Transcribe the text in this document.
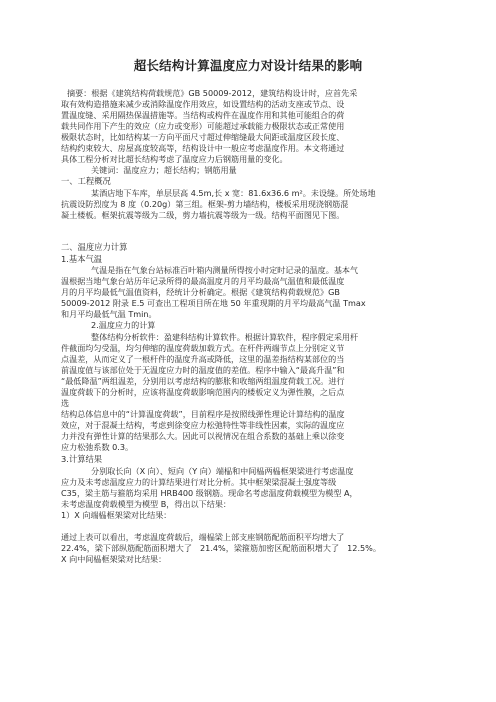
超长结构计算温度应力对设计结果的影响
摘要：根据《建筑结构荷载规范》GB 50009-2012，建筑结构设计时，应首先采
取有效构造措施来减少或消除温度作用效应，如设置结构的活动支座或节点、设
置温度缝、采用隔热保温措施等。当结构或构件在温度作用和其他可能组合的荷
载共同作用下产生的效应（应力或变形）可能超过承载能力极限状态或正常使用
极限状态时，比如结构某一方向平面尺寸超过伸缩缝最大间距或温度区段长度、
结构约束较大、房屋高度较高等，结构设计中一般应考虑温度作用。本文将通过
具体工程分析对比超长结构考虑了温度应力后钢筋用量的变化。
关键词：温度应力；超长结构；钢筋用量
一、工程概况
某酒店地下车库，单层层高 4.5m,长 x 宽：81.6x36.6 m²。未设缝。所处场地
抗震设防烈度为 8 度（0.20g）第三组。框架-剪力墙结构，楼板采用现浇钢筋混
凝土楼板。框架抗震等级为二级，剪力墙抗震等级为一级。结构平面图见下图。
二、温度应力计算
1.基本气温
气温是指在气象台站标准百叶箱内测量所得按小时定时记录的温度。基本气
温根据当地气象台站历年记录所得的最高温度月的月平均最高气温值和最低温度
月的月平均最低气温值资料，经统计分析确定。根据《建筑结构荷载规范》GB
50009-2012 附录 E.5 可查出工程项目所在地 50 年重现期的月平均最高气温 Tmax
和月平均最低气温 Tmin。
2.温度应力的计算
整体结构分析软件：盈建科结构计算软件。根据计算软件，程序假定采用杆
件截面均匀受温，均匀伸缩的温度荷载加载方式。在杆件两端节点上分别定义节
点温差，从而定义了一根杆件的温度升高或降低，这里的温差指结构某部位的当
前温度值与该部位处于无温度应力时的温度值的差值。程序中输入“最高升温”和
“最低降温”两组温差，分别用以考虑结构的膨胀和收缩两组温度荷载工况。进行
温度荷载下的分析时，应该将温度荷载影响范围内的楼板定义为弹性膜，之后点
选
结构总体信息中的“计算温度荷载”，目前程序是按照线弹性理论计算结构的温度
效应，对于混凝土结构，考虑到徐变应力松弛特性等非线性因素，实际的温度应
力并没有弹性计算的结果那么大。因此可以视情况在组合系数的基础上乘以徐变
应力松弛系数 0.3。
3.计算结果
分别取长向（X 向）、短向（Y 向）端榀和中间榀两榀框架梁进行考虑温度
应力及未考虑温度应力的计算结果进行对比分析。其中框架梁混凝土强度等级
C35，梁主筋与箍筋均采用 HRB400 级钢筋。现命名考虑温度荷载模型为模型 A，
未考虑温度荷载模型为模型 B，得出以下结果：
1）X 向端榀框架梁对比结果：
通过上表可以看出，考虑温度荷载后，端榀梁上部支座钢筋配筋面积平均增大了
22.4%，梁下部纵筋配筋面积增大了　21.4%，梁箍筋加密区配筋面积增大了　12.5%。
X 向中间榀框架梁对比结果：
